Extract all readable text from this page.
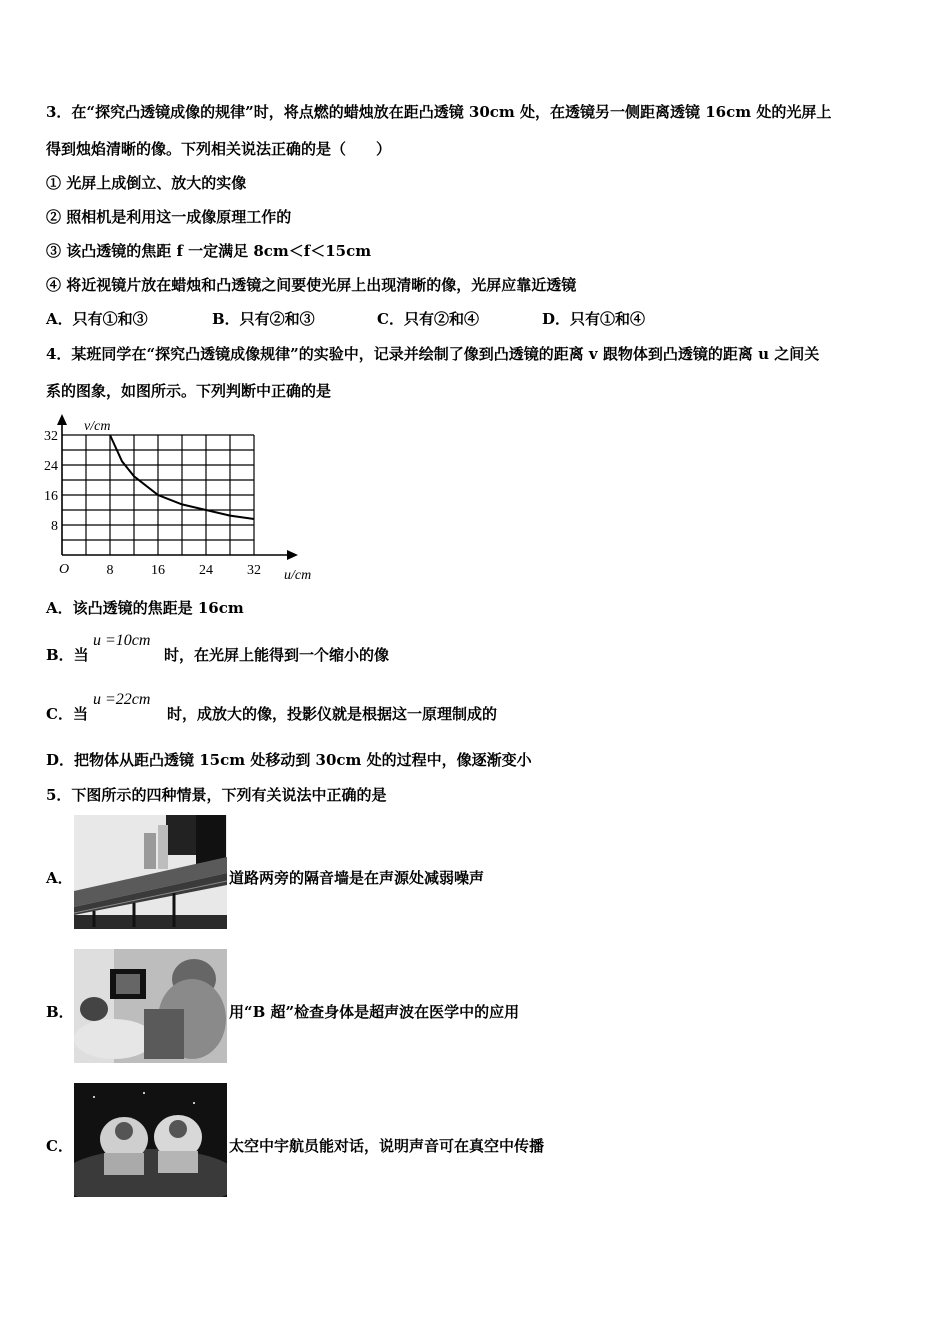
3．在“探究凸透镜成像的规律”时，将点燃的蜡烛放在距凸透镜 30cm 处，在透镜另一侧距离透镜 16cm 处的光屏上
得到烛焰清晰的像。下列相关说法正确的是（　　）
① 光屏上成倒立、放大的实像
② 照相机是利用这一成像原理工作的
③ 该凸透镜的焦距 f 一定满足 8cm＜f＜15cm
④ 将近视镜片放在蜡烛和凸透镜之间要使光屏上出现清晰的像，光屏应靠近透镜
A．只有①和③	B．只有②和③	C．只有②和④	D．只有①和④
4．某班同学在“探究凸透镜成像规律”的实验中，记录并绘制了像到凸透镜的距离 v 跟物体到凸透镜的距离 u 之间关
系的图象，如图所示。下列判断中正确的是
8	16 24 32
8
16
24
32
v/cm
u/cm
O
A．该凸透镜的焦距是 16cm
B．当
u =10cm
时，在光屏上能得到一个缩小的像
C．当
u =22cm
时，成放大的像，投影仪就是根据这一原理制成的
D．把物体从距凸透镜 15cm 处移动到 30cm 处的过程中，像逐渐变小
5．下图所示的四种情景，下列有关说法中正确的是
A．	道路两旁的隔音墙是在声源处减弱噪声
B．	用“B 超”检查身体是超声波在医学中的应用
C．	太空中宇航员能对话，说明声音可在真空中传播
